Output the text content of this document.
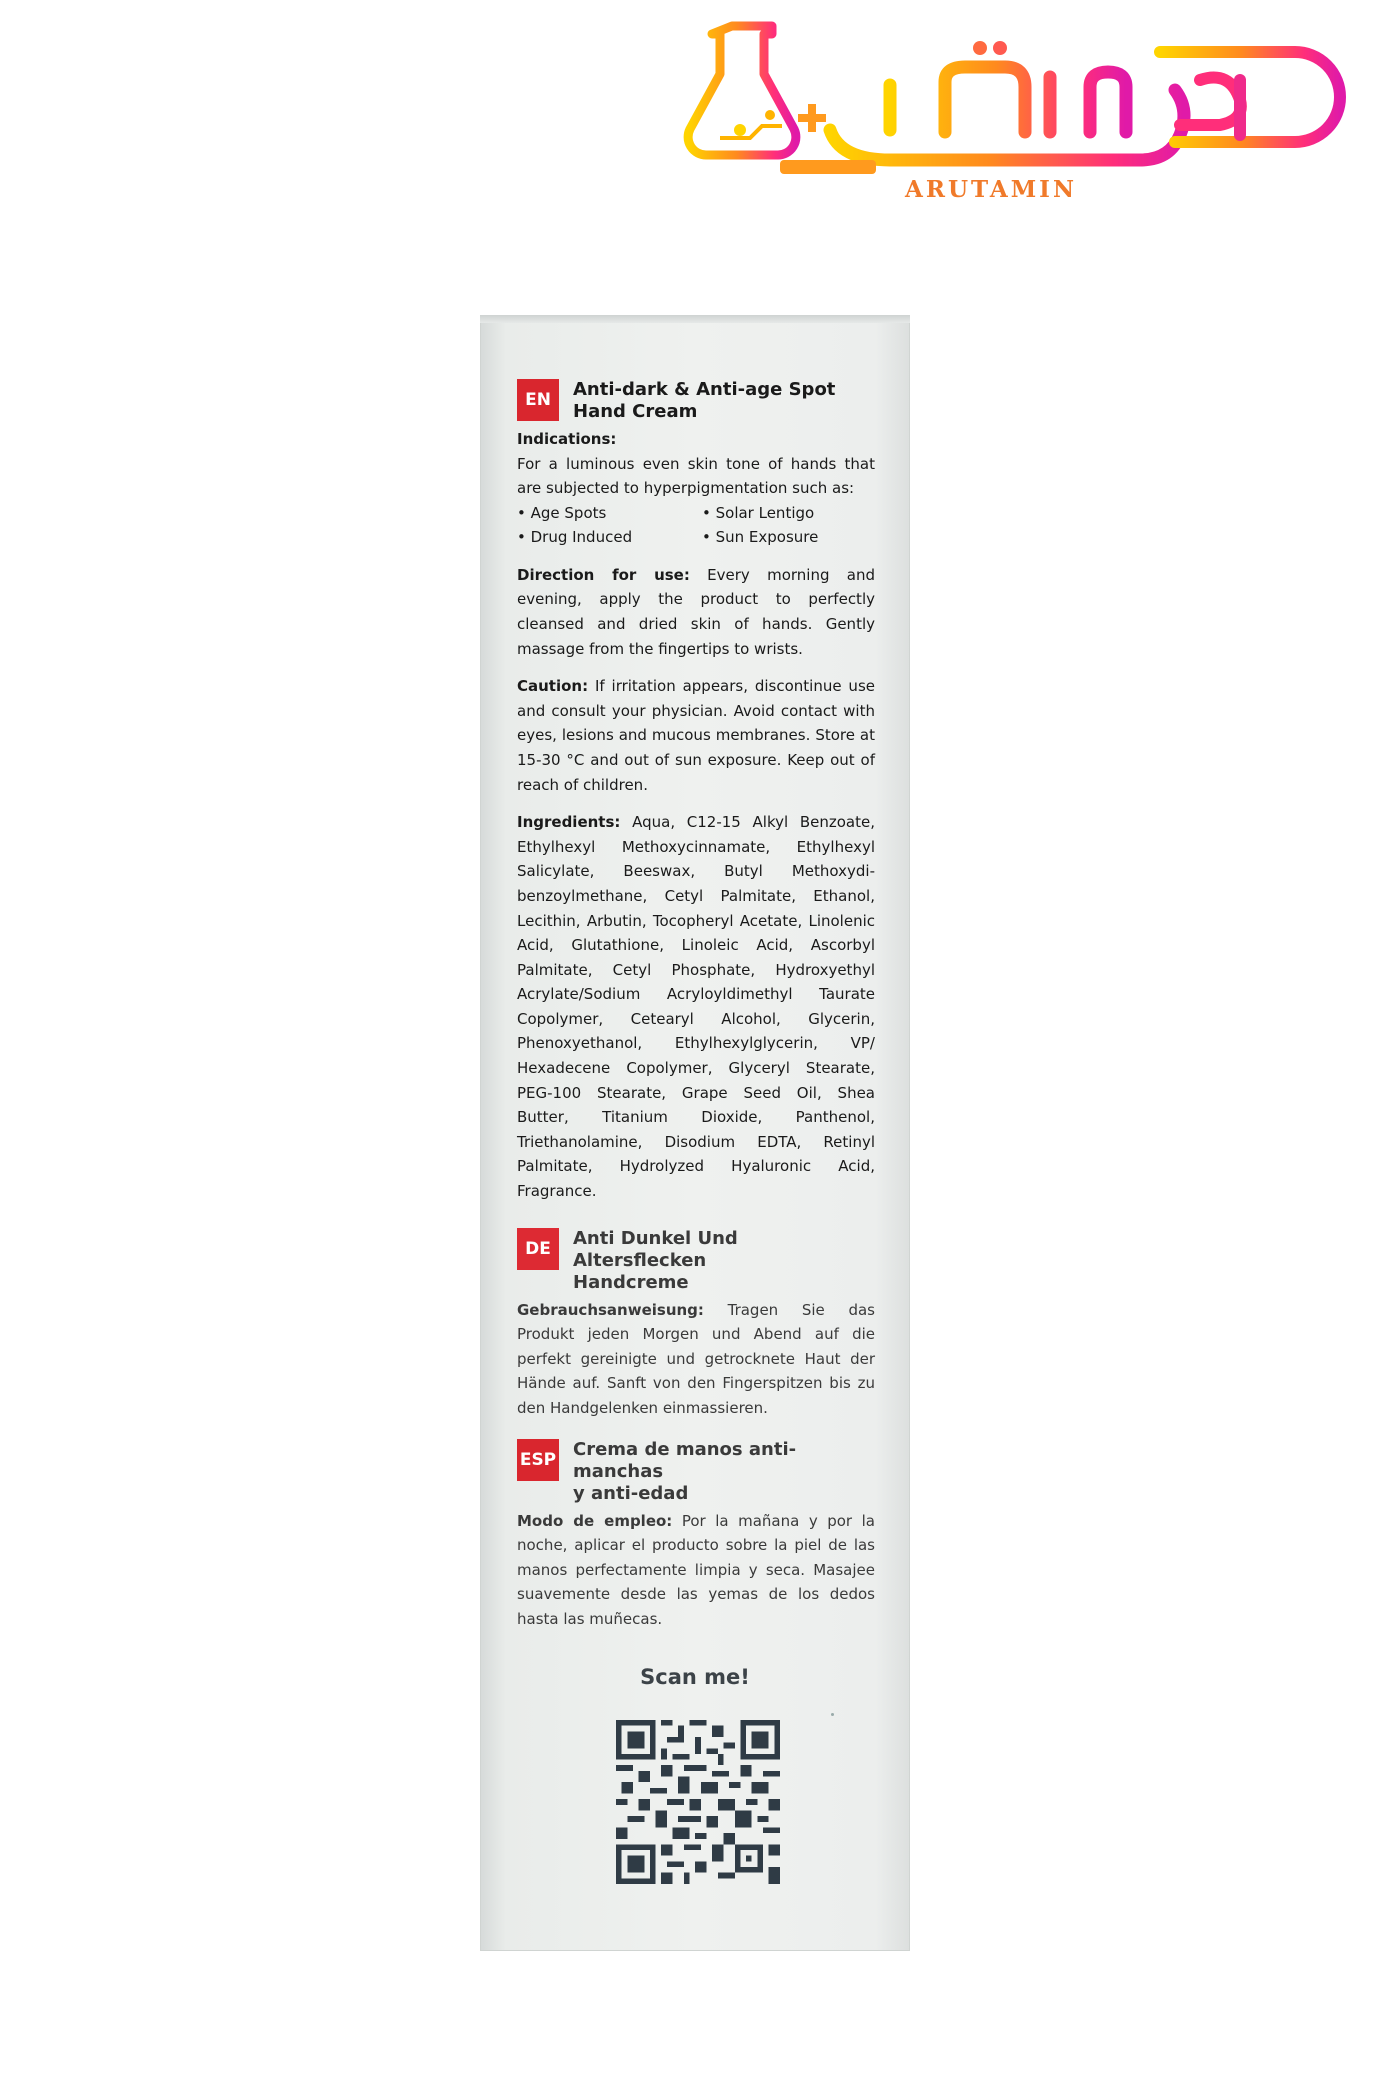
ARUTAMIN
EN	Anti-dark & Anti-age Spot
Hand Cream

Indications:

For a luminous even skin tone of hands that are subjected to hyperpigmentation such as:

• Age Spots	• Solar Lentigo
• Drug Induced	• Sun Exposure

Direction for use: Every morning and evening, apply the product to perfectly cleansed and dried skin of hands. Gently massage from the fingertips to wrists.

Caution: If irritation appears, discontinue use and consult your physician. Avoid contact with eyes, lesions and mucous membranes. Store at 15-30 °C and out of sun exposure. Keep out of reach of children.

Ingredients: Aqua, C12-15 Alkyl Benzoate, Ethylhexyl Methoxycinnamate, Ethylhexyl Salicylate, Beeswax, Butyl Methoxydi-benzoylmethane, Cetyl Palmitate, Ethanol, Lecithin, Arbutin, Tocopheryl Acetate, Linolenic Acid, Glutathione, Linoleic Acid, Ascorbyl Palmitate, Cetyl Phosphate, Hydroxyethyl Acrylate/Sodium Acryloyldimethyl Taurate Copolymer, Cetearyl Alcohol, Glycerin, Phenoxyethanol, Ethylhexylglycerin, VP/ Hexadecene Copolymer, Glyceryl Stearate, PEG-100 Stearate, Grape Seed Oil, Shea Butter, Titanium Dioxide, Panthenol, Triethanolamine, Disodium EDTA, Retinyl Palmitate, Hydrolyzed Hyaluronic Acid, Fragrance.

DE	Anti Dunkel Und Altersflecken
Handcreme

Gebrauchsanweisung: Tragen Sie das Produkt jeden Morgen und Abend auf die perfekt gereinigte und getrocknete Haut der Hände auf. Sanft von den Fingerspitzen bis zu den Handgelenken einmassieren.

ESP Crema de manos anti-manchas
y anti-edad

Modo de empleo: Por la mañana y por la noche, aplicar el producto sobre la piel de las manos perfectamente limpia y seca. Masajee suavemente desde las yemas de los dedos hasta las muñecas.

Scan me!
